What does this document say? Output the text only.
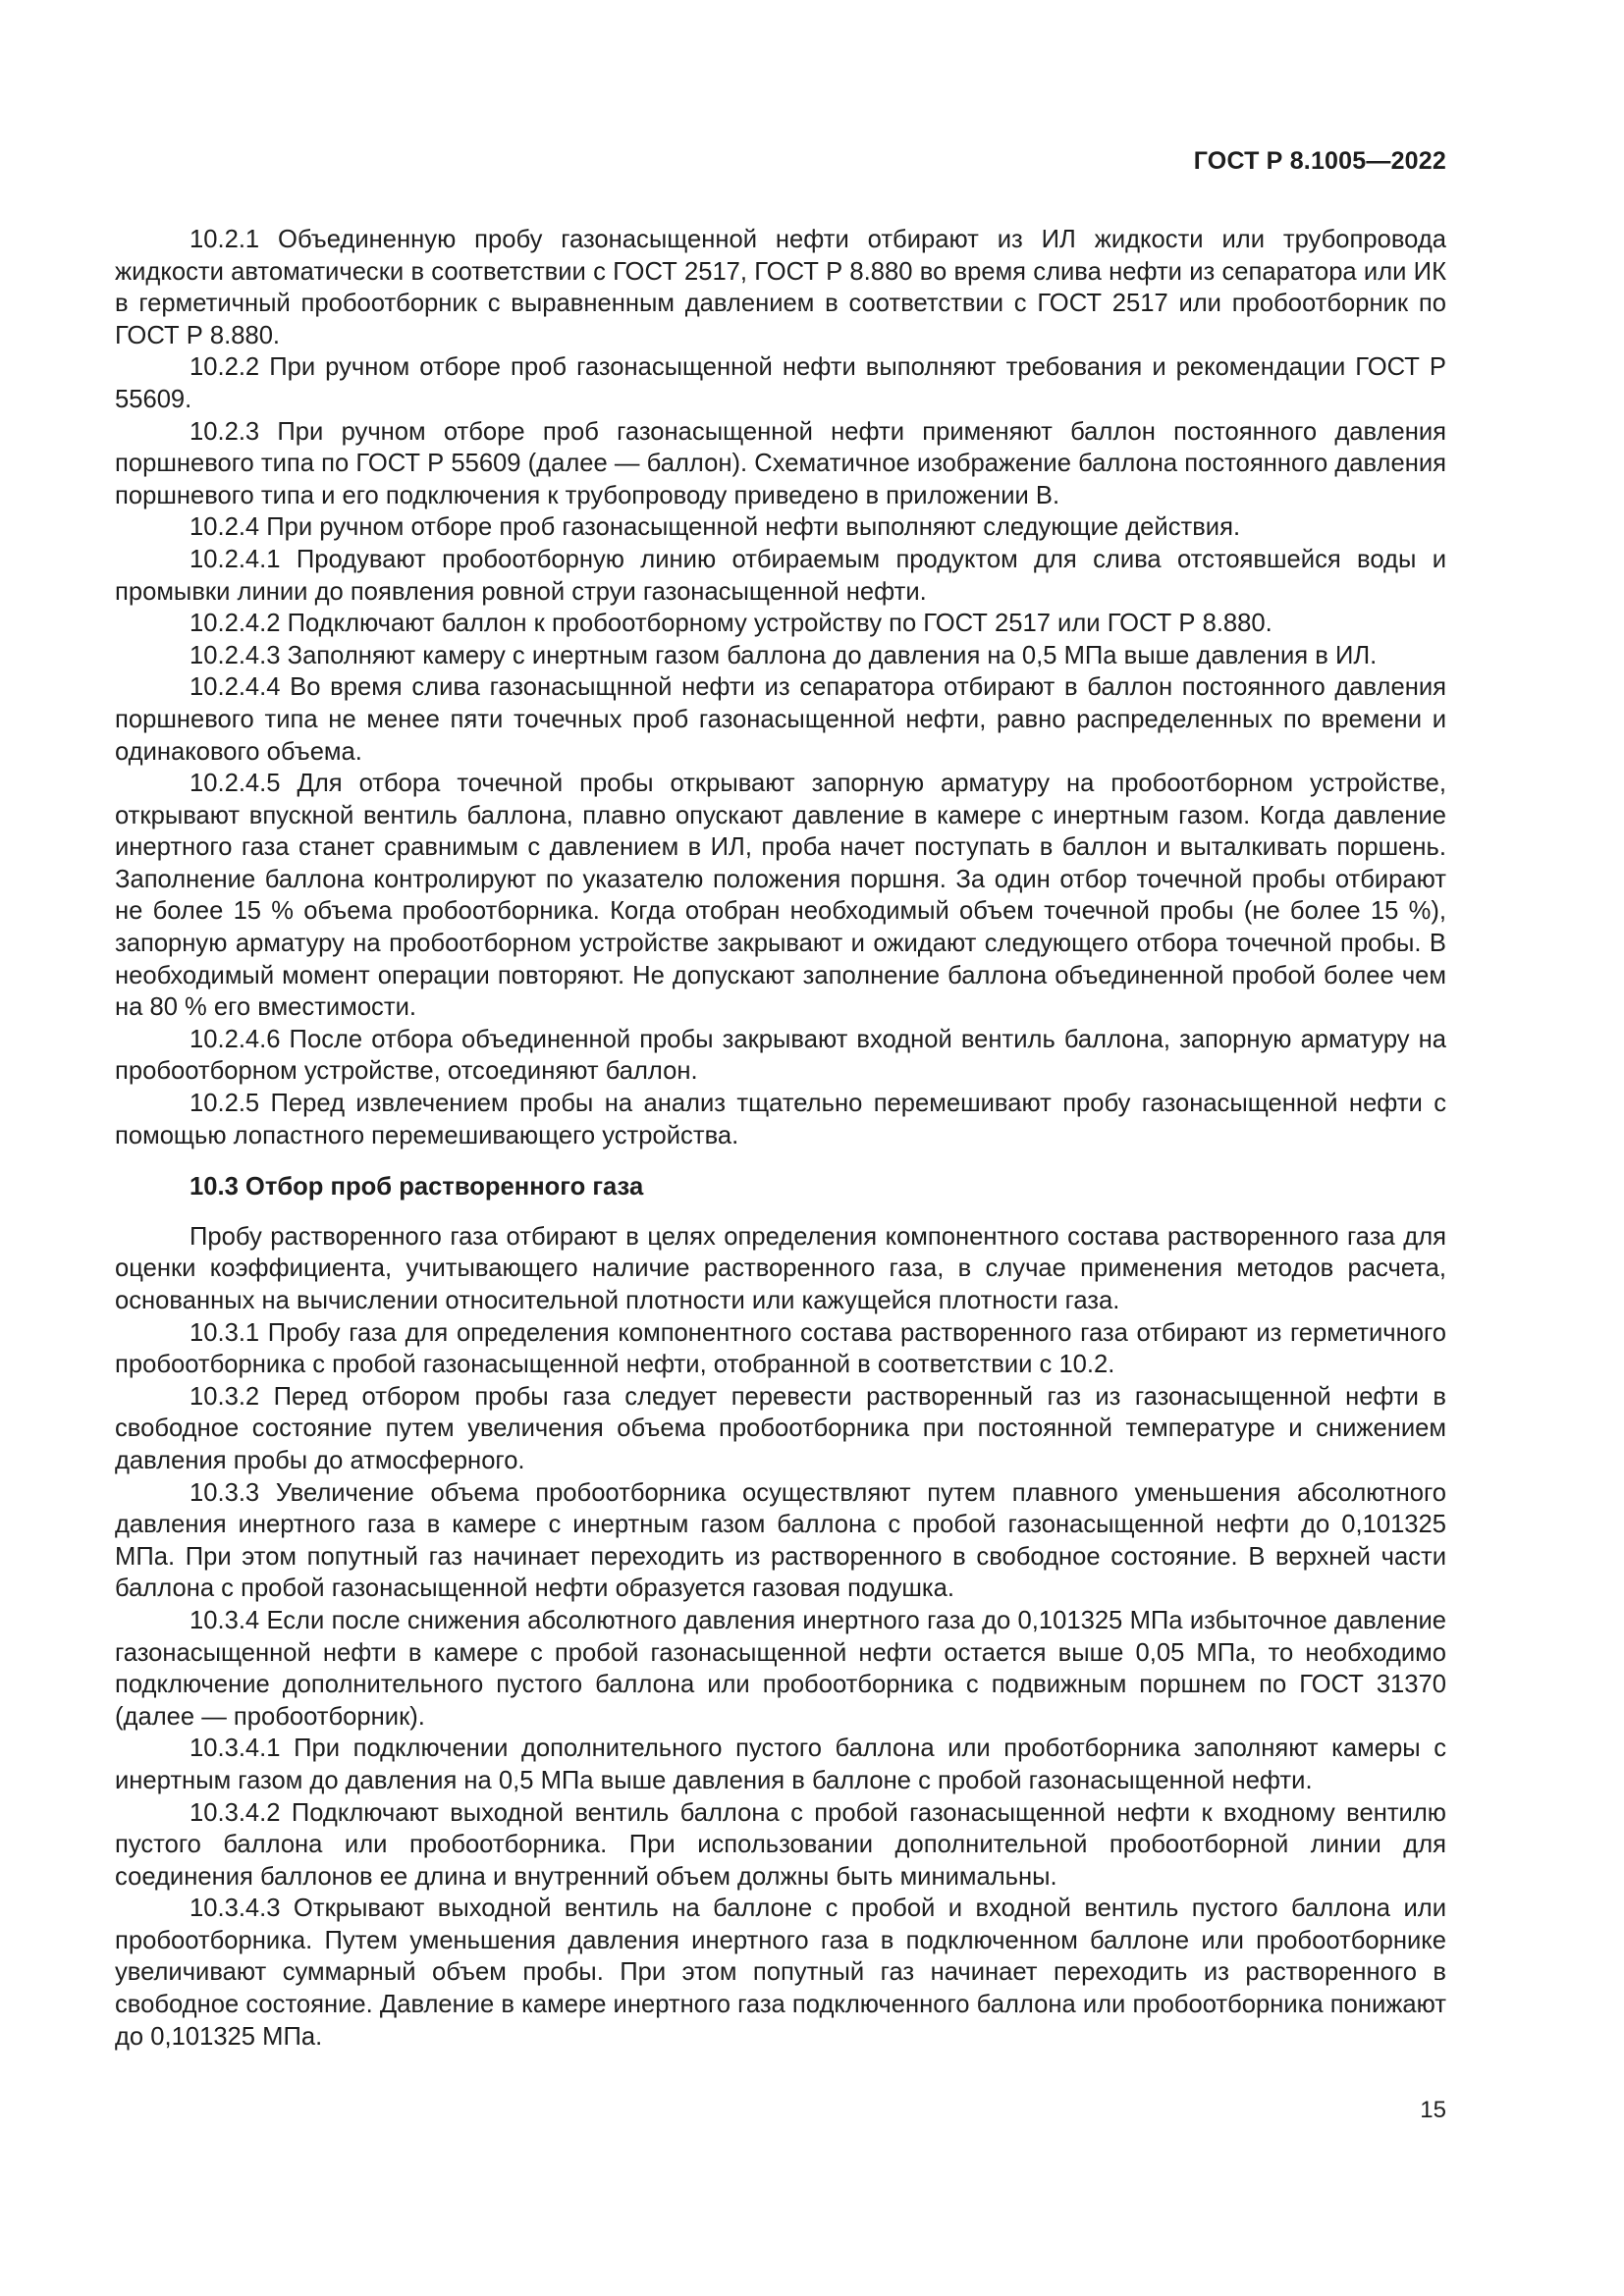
ГОСТ Р 8.1005—2022

10.2.1 Объединенную пробу газонасыщенной нефти отбирают из ИЛ жидкости или трубопровода жидкости автоматически в соответствии с ГОСТ 2517, ГОСТ Р 8.880 во время слива нефти из сепаратора или ИК в герметичный пробоотборник с выравненным давлением в соответствии с ГОСТ 2517 или пробоотборник по ГОСТ Р 8.880.

10.2.2 При ручном отборе проб газонасыщенной нефти выполняют требования и рекомендации ГОСТ Р 55609.

10.2.3 При ручном отборе проб газонасыщенной нефти применяют баллон постоянного давления поршневого типа по ГОСТ Р 55609 (далее — баллон). Схематичное изображение баллона постоянного давления поршневого типа и его подключения к трубопроводу приведено в приложении В.

10.2.4 При ручном отборе проб газонасыщенной нефти выполняют следующие действия.

10.2.4.1 Продувают пробоотборную линию отбираемым продуктом для слива отстоявшейся воды и промывки линии до появления ровной струи газонасыщенной нефти.

10.2.4.2 Подключают баллон к пробоотборному устройству по ГОСТ 2517 или ГОСТ Р 8.880.

10.2.4.3 Заполняют камеру с инертным газом баллона до давления на 0,5 МПа выше давления в ИЛ.

10.2.4.4 Во время слива газонасыщнной нефти из сепаратора отбирают в баллон постоянного давления поршневого типа не менее пяти точечных проб газонасыщенной нефти, равно распределенных по времени и одинакового объема.

10.2.4.5 Для отбора точечной пробы открывают запорную арматуру на пробоотборном устройстве, открывают впускной вентиль баллона, плавно опускают давление в камере с инертным газом. Когда давление инертного газа станет сравнимым с давлением в ИЛ, проба начет поступать в баллон и выталкивать поршень. Заполнение баллона контролируют по указателю положения поршня. За один отбор точечной пробы отбирают не более 15 % объема пробоотборника. Когда отобран необходимый объем точечной пробы (не более 15 %), запорную арматуру на пробоотборном устройстве закрывают и ожидают следующего отбора точечной пробы. В необходимый момент операции повторяют. Не допускают заполнение баллона объединенной пробой более чем на 80 % его вместимости.

10.2.4.6 После отбора объединенной пробы закрывают входной вентиль баллона, запорную арматуру на пробоотборном устройстве, отсоединяют баллон.

10.2.5 Перед извлечением пробы на анализ тщательно перемешивают пробу газонасыщенной нефти с помощью лопастного перемешивающего устройства.

10.3 Отбор проб растворенного газа

Пробу растворенного газа отбирают в целях определения компонентного состава растворенного газа для оценки коэффициента, учитывающего наличие растворенного газа, в случае применения методов расчета, основанных на вычислении относительной плотности или кажущейся плотности газа.

10.3.1 Пробу газа для определения компонентного состава растворенного газа отбирают из герметичного пробоотборника с пробой газонасыщенной нефти, отобранной в соответствии с 10.2.

10.3.2 Перед отбором пробы газа следует перевести растворенный газ из газонасыщенной нефти в свободное состояние путем увеличения объема пробоотборника при постоянной температуре и снижением давления пробы до атмосферного.

10.3.3 Увеличение объема пробоотборника осуществляют путем плавного уменьшения абсолютного давления инертного газа в камере с инертным газом баллона с пробой газонасыщенной нефти до 0,101325 МПа. При этом попутный газ начинает переходить из растворенного в свободное состояние. В верхней части баллона с пробой газонасыщенной нефти образуется газовая подушка.

10.3.4 Если после снижения абсолютного давления инертного газа до 0,101325 МПа избыточное давление газонасыщенной нефти в камере с пробой газонасыщенной нефти остается выше 0,05 МПа, то необходимо подключение дополнительного пустого баллона или пробоотборника с подвижным поршнем по ГОСТ 31370 (далее — пробоотборник).

10.3.4.1 При подключении дополнительного пустого баллона или проботборника заполняют камеры с инертным газом до давления на 0,5 МПа выше давления в баллоне с пробой газонасыщенной нефти.

10.3.4.2 Подключают выходной вентиль баллона с пробой газонасыщенной нефти к входному вентилю пустого баллона или пробоотборника. При использовании дополнительной пробоотборной линии для соединения баллонов ее длина и внутренний объем должны быть минимальны.

10.3.4.3 Открывают выходной вентиль на баллоне с пробой и входной вентиль пустого баллона или пробоотборника. Путем уменьшения давления инертного газа в подключенном баллоне или пробоотборнике увеличивают суммарный объем пробы. При этом попутный газ начинает переходить из растворенного в свободное состояние. Давление в камере инертного газа подключенного баллона или пробоотборника понижают до 0,101325 МПа.

15
